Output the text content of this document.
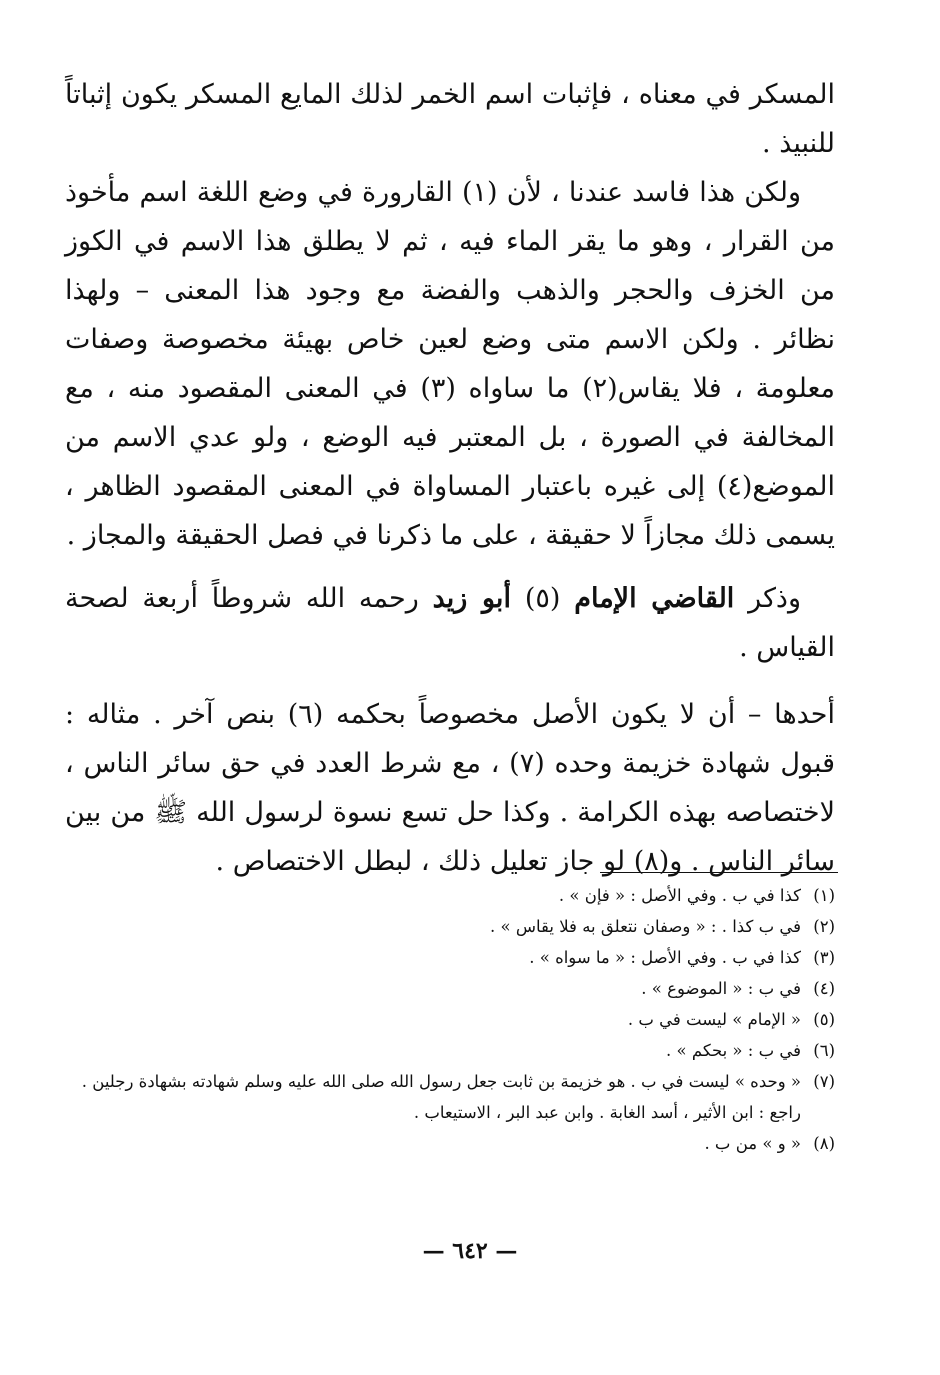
المسكر في معناه ، فإثبات اسم الخمر لذلك المايع المسكر يكون إثباتاً للنبيذ .

ولكن هذا فاسد عندنا ، لأن (١) القارورة في وضع اللغة اسم مأخوذ من القرار ، وهو ما يقر الماء فيه ، ثم لا يطلق هذا الاسم في الكوز من الخزف والحجر والذهب والفضة مع وجود هذا المعنى – ولهذا نظائر . ولكن الاسم متى وضع لعين خاص بهيئة مخصوصة وصفات معلومة ، فلا يقاس(٢) ما ساواه (٣) في المعنى المقصود منه ، مع المخالفة في الصورة ، بل المعتبر فيه الوضع ، ولو عدي الاسم من الموضع(٤) إلى غيره باعتبار المساواة في المعنى المقصود الظاهر ، يسمى ذلك مجازاً لا حقيقة ، على ما ذكرنا في فصل الحقيقة والمجاز .

وذكر القاضي الإمام (٥) أبو زيد رحمه الله شروطاً أربعة لصحة القياس .

أحدها – أن لا يكون الأصل مخصوصاً بحكمه (٦) بنص آخر . مثاله : قبول شهادة خزيمة وحده (٧) ، مع شرط العدد في حق سائر الناس ، لاختصاصه بهذه الكرامة . وكذا حل تسع نسوة لرسول الله ﷺ من بين سائر الناس . و(٨) لو جاز تعليل ذلك ، لبطل الاختصاص .

(١)
كذا في ب . وفي الأصل : « فإن » .
(٢)
في ب كذا . : « وصفان نتعلق به فلا يقاس » .
(٣)
كذا في ب . وفي الأصل : « ما سواه » .
(٤)
في ب : « الموضوع » .
(٥)
« الإمام » ليست في ب .
(٦)
في ب : « بحكم » .
(٧)
« وحده » ليست في ب . هو خزيمة بن ثابت جعل رسول الله صلى الله عليه وسلم شهادته بشهادة رجلين .
راجع : ابن الأثير ، أسد الغابة . وابن عبد البر ، الاستيعاب .
(٨)
« و » من ب .
— ٦٤٢ —
